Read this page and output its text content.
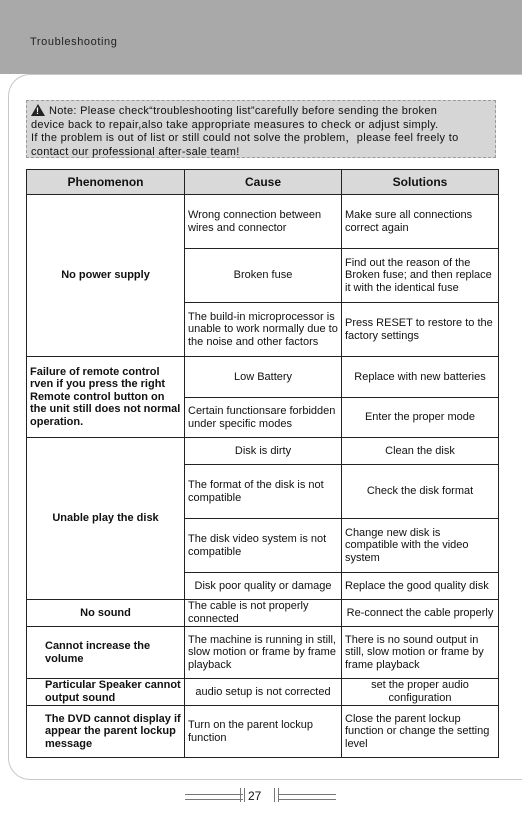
Troubleshooting
!Note: Please check“troubleshooting list”carefully before sending the broken
device back to repair,also take appropriate measures to check or adjust simply.
If the problem is out of list or still could not solve the problem，please feel freely to
contact our professional after-sale team!
Phenomenon	Cause	Solutions
No power supply	Wrong connection between wires and connector	Make sure all connections correct again
	Broken fuse	Find out the reason of the Broken fuse; and then replace it with the identical fuse
	The build-in microprocessor is unable to work normally due to the noise and other factors	Press RESET to restore to the factory settings
Failure of remote control rven if you press the right Remote control button on the unit still does not normal operation.	Low Battery	Replace with new batteries
	Certain functionsare forbidden under specific modes	Enter the proper mode
Unable play the disk	Disk is dirty	Clean the disk
	The format of the disk is not compatible	Check the disk format
	The disk video system is not compatible	Change new disk is compatible with the video system
	Disk poor quality or damage	Replace the good quality disk
No sound	The cable is not properly connected	Re-connect the cable properly
Cannot increase the volume	The machine is running in still, slow motion or frame by frame playback	There is no sound output in still, slow motion or frame by frame playback
Particular Speaker cannot output sound	audio setup is not corrected	set the proper audio configuration
The DVD cannot display if appear the parent lockup message	Turn on the parent lockup function	Close the parent lockup function or change the setting level
27
